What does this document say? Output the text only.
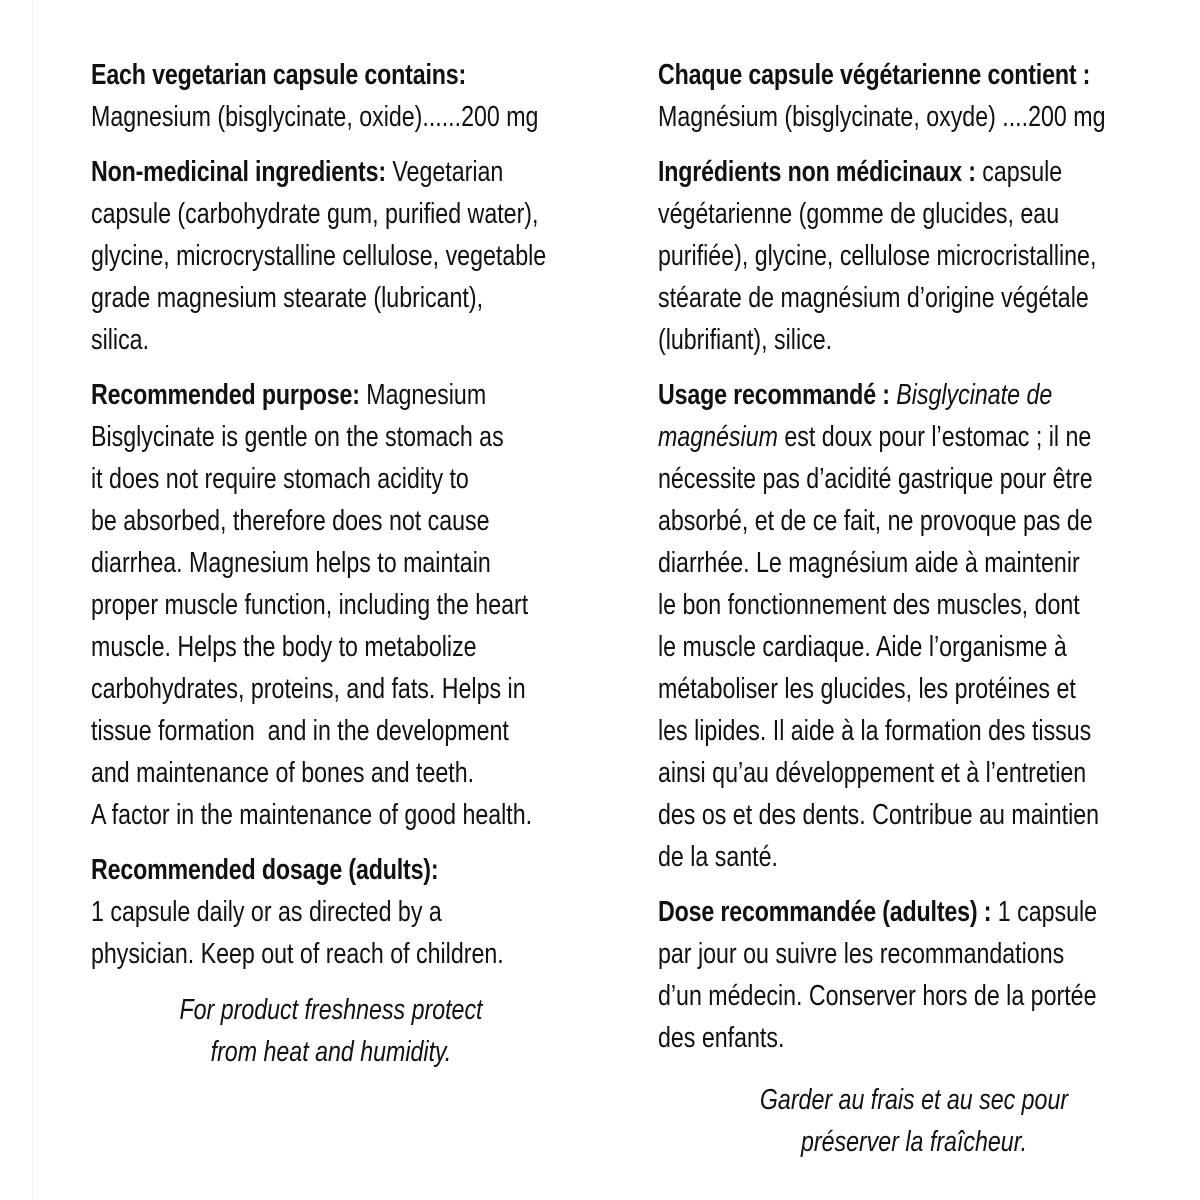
Each vegetarian capsule contains:
Magnesium (bisglycinate, oxide)......200 mg
Non-medicinal ingredients: Vegetarian
capsule (carbohydrate gum, purified water),
glycine, microcrystalline cellulose, vegetable
grade magnesium stearate (lubricant),
silica.
Recommended purpose: Magnesium
Bisglycinate is gentle on the stomach as
it does not require stomach acidity to
be absorbed, therefore does not cause
diarrhea. Magnesium helps to maintain
proper muscle function, including the heart
muscle. Helps the body to metabolize
carbohydrates, proteins, and fats. Helps in
tissue formation  and in the development
and maintenance of bones and teeth.
A factor in the maintenance of good health.
Recommended dosage (adults):
1 capsule daily or as directed by a
physician. Keep out of reach of children.
For product freshness protect
from heat and humidity.
Chaque capsule végétarienne contient :
Magnésium (bisglycinate, oxyde) ....200 mg
Ingrédients non médicinaux : capsule
végétarienne (gomme de glucides, eau
purifiée), glycine, cellulose microcristalline,
stéarate de magnésium d’origine végétale
(lubrifiant), silice.
Usage recommandé : Bisglycinate de
magnésium est doux pour l’estomac ; il ne
nécessite pas d’acidité gastrique pour être
absorbé, et de ce fait, ne provoque pas de
diarrhée. Le magnésium aide à maintenir
le bon fonctionnement des muscles, dont
le muscle cardiaque. Aide l’organisme à
métaboliser les glucides, les protéines et
les lipides. Il aide à la formation des tissus
ainsi qu’au développement et à l’entretien
des os et des dents. Contribue au maintien
de la santé.
Dose recommandée (adultes) : 1 capsule
par jour ou suivre les recommandations
d’un médecin. Conserver hors de la portée
des enfants.
Garder au frais et au sec pour
préserver la fraîcheur.
